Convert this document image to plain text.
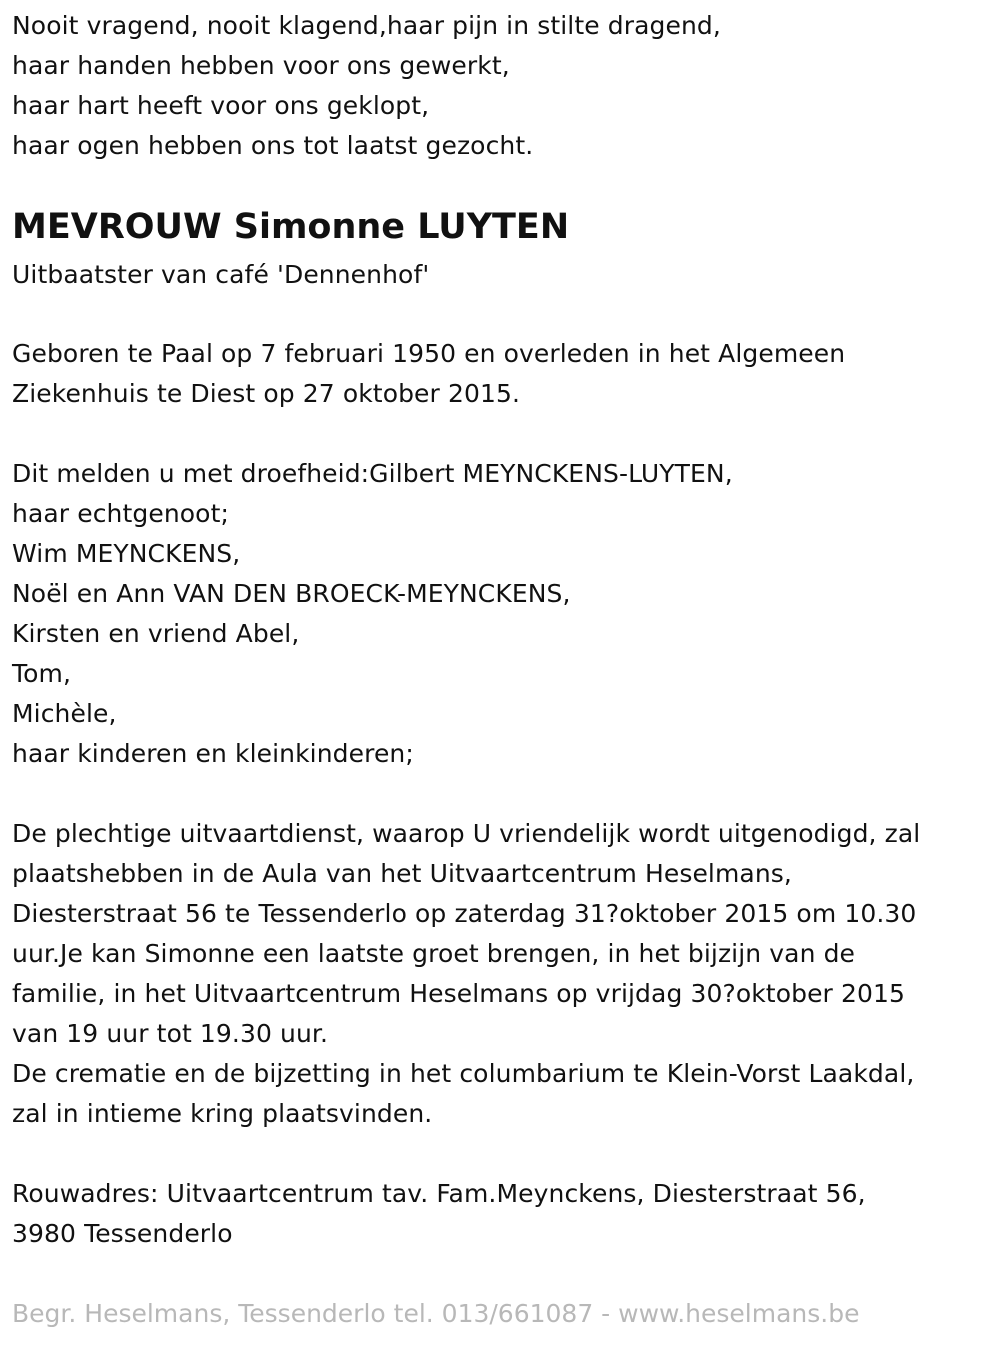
Nooit vragend, nooit klagend,haar pijn in stilte dragend,
haar handen hebben voor ons gewerkt,
haar hart heeft voor ons geklopt,
haar ogen hebben ons tot laatst gezocht.
MEVROUW Simonne LUYTEN
Uitbaatster van café 'Dennenhof'
Geboren te Paal op 7 februari 1950 en overleden in het Algemeen
Ziekenhuis te Diest op 27 oktober 2015.
Dit melden u met droefheid:Gilbert MEYNCKENS-LUYTEN,
haar echtgenoot;
Wim MEYNCKENS,
Noël en Ann VAN DEN BROECK-MEYNCKENS,
Kirsten en vriend Abel,
Tom,
Michèle,
haar kinderen en kleinkinderen;
De plechtige uitvaartdienst, waarop U vriendelijk wordt uitgenodigd, zal
plaatshebben in de Aula van het Uitvaartcentrum Heselmans,
Diesterstraat 56 te Tessenderlo op zaterdag 31?oktober 2015 om 10.30
uur.Je kan Simonne een laatste groet brengen, in het bijzijn van de
familie, in het Uitvaartcentrum Heselmans op vrijdag 30?oktober 2015
van 19 uur tot 19.30 uur.
De crematie en de bijzetting in het columbarium te Klein-Vorst Laakdal,
zal in intieme kring plaatsvinden.
Rouwadres: Uitvaartcentrum tav. Fam.Meynckens, Diesterstraat 56,
3980 Tessenderlo
Begr. Heselmans, Tessenderlo tel. 013/661087 - www.heselmans.be
